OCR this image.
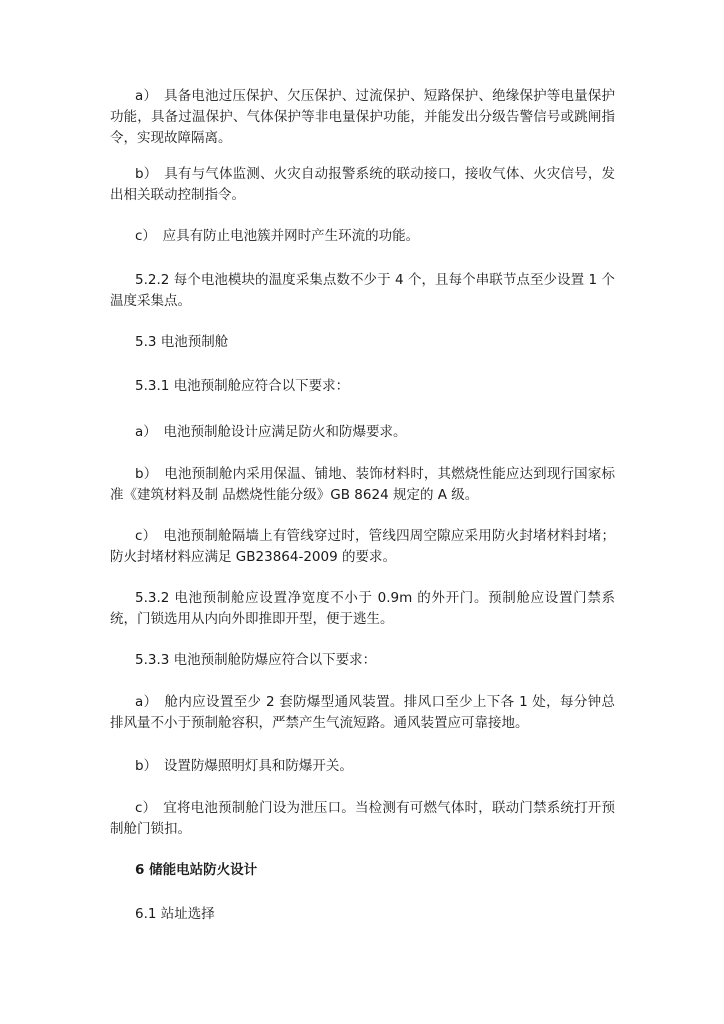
a）　具备电池过压保护、欠压保护、过流保护、短路保护、绝缘保护等电量保护功能，具备过温保护、气体保护等非电量保护功能，并能发出分级告警信号或跳闸指令，实现故障隔离。

b）　具有与气体监测、火灾自动报警系统的联动接口，接收气体、火灾信号，发出相关联动控制指令。

c）　应具有防止电池簇并网时产生环流的功能。

5.2.2 每个电池模块的温度采集点数不少于 4 个，且每个串联节点至少设置 1 个温度采集点。

5.3 电池预制舱

5.3.1 电池预制舱应符合以下要求：

a）　电池预制舱设计应满足防火和防爆要求。

b）　电池预制舱内采用保温、铺地、装饰材料时，其燃烧性能应达到现行国家标准《建筑材料及制 品燃烧性能分级》GB 8624 规定的 A 级。

c）　电池预制舱隔墙上有管线穿过时，管线四周空隙应采用防火封堵材料封堵；防火封堵材料应满足 GB23864-2009 的要求。

5.3.2 电池预制舱应设置净宽度不小于 0.9m 的外开门。预制舱应设置门禁系统，门锁选用从内向外即推即开型，便于逃生。

5.3.3 电池预制舱防爆应符合以下要求：

a）　舱内应设置至少 2 套防爆型通风装置。排风口至少上下各 1 处，每分钟总排风量不小于预制舱容积，严禁产生气流短路。通风装置应可靠接地。

b）　设置防爆照明灯具和防爆开关。

c）　宜将电池预制舱门设为泄压口。当检测有可燃气体时，联动门禁系统打开预制舱门锁扣。

6 储能电站防火设计

6.1 站址选择
